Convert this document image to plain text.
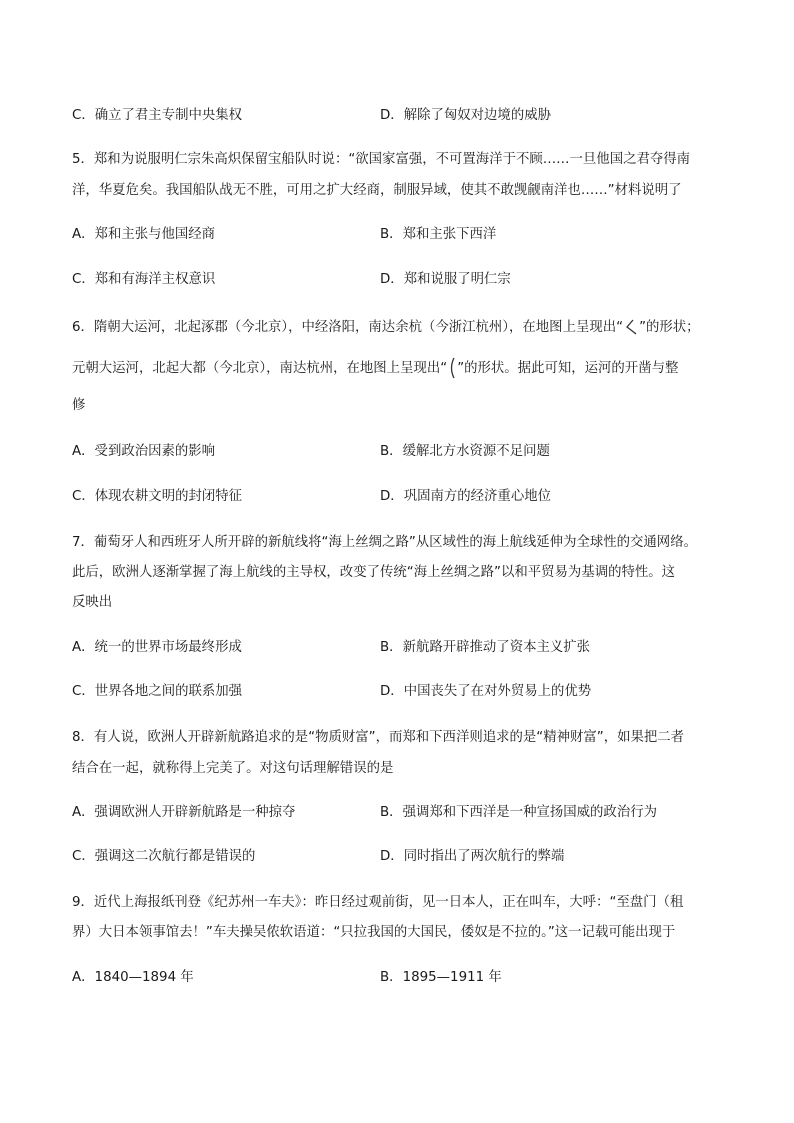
C．确立了君主专制中央集权	D．解除了匈奴对边境的威胁
5．郑和为说服明仁宗朱高炽保留宝船队时说：“欲国家富强，不可置海洋于不顾……一旦他国之君夺得南
洋，华夏危矣。我国船队战无不胜，可用之扩大经商，制服异域，使其不敢觊觎南洋也……”材料说明了
A．郑和主张与他国经商	B．郑和主张下西洋
C．郑和有海洋主权意识	D．郑和说服了明仁宗
6．隋朝大运河，北起涿郡（今北京），中经洛阳，南达余杭（今浙江杭州），在地图上呈现出“ ”的形状；
元朝大运河，北起大都（今北京），南达杭州，在地图上呈现出“ ”的形状。据此可知，运河的开凿与整
修
A．受到政治因素的影响	B．缓解北方水资源不足问题
C．体现农耕文明的封闭特征	D．巩固南方的经济重心地位
7．葡萄牙人和西班牙人所开辟的新航线将“海上丝绸之路”从区域性的海上航线延伸为全球性的交通网络。
此后，欧洲人逐渐掌握了海上航线的主导权，改变了传统“海上丝绸之路”以和平贸易为基调的特性。这
反映出
A．统一的世界市场最终形成	B．新航路开辟推动了资本主义扩张
C．世界各地之间的联系加强	D．中国丧失了在对外贸易上的优势
8．有人说，欧洲人开辟新航路追求的是“物质财富”，而郑和下西洋则追求的是“精神财富”，如果把二者
结合在一起，就称得上完美了。对这句话理解错误的是
A．强调欧洲人开辟新航路是一种掠夺	B．强调郑和下西洋是一种宣扬国威的政治行为
C．强调这二次航行都是错误的	D．同时指出了两次航行的弊端
9．近代上海报纸刊登《纪苏州一车夫》：昨日经过观前街，见一日本人，正在叫车，大呼：“至盘门（租
界）大日本领事馆去！”车夫操吴侬软语道：“只拉我国的大国民，倭奴是不拉的。”这一记载可能出现于
A．1840—1894 年	B．1895—1911 年
